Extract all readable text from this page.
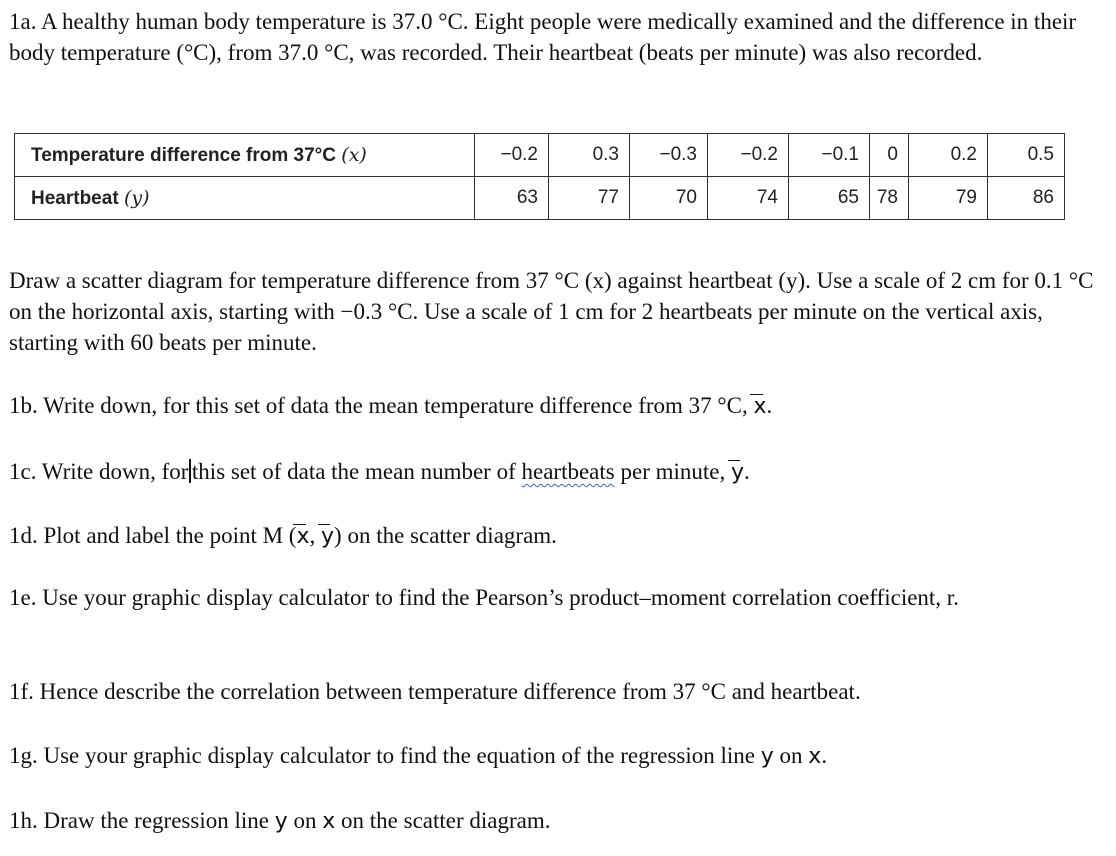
1a. A healthy human body temperature is 37.0 °C. Eight people were medically examined and the difference in their body temperature (°C), from 37.0 °C, was recorded. Their heartbeat (beats per minute) was also recorded.

Temperature difference from 37°C (x)	−0.2	0.3	−0.3	−0.2	−0.1	0	0.2	0.5
Heartbeat (y)	63	77	70	74	65	78	79	86

Draw a scatter diagram for temperature difference from 37 °C (x) against heartbeat (y). Use a scale of 2 cm for 0.1 °C on the horizontal axis, starting with −0.3 °C. Use a scale of 1 cm for 2 heartbeats per minute on the vertical axis, starting with 60 beats per minute.

1b. Write down, for this set of data the mean temperature difference from 37 °C, x.

1c. Write down, for this set of data the mean number of heartbeats per minute, y.

1d. Plot and label the point M (x, y) on the scatter diagram.

1e. Use your graphic display calculator to find the Pearson’s product–moment correlation coefficient, r.

1f. Hence describe the correlation between temperature difference from 37 °C and heartbeat.

1g. Use your graphic display calculator to find the equation of the regression line y on x.

1h. Draw the regression line y on x on the scatter diagram.
